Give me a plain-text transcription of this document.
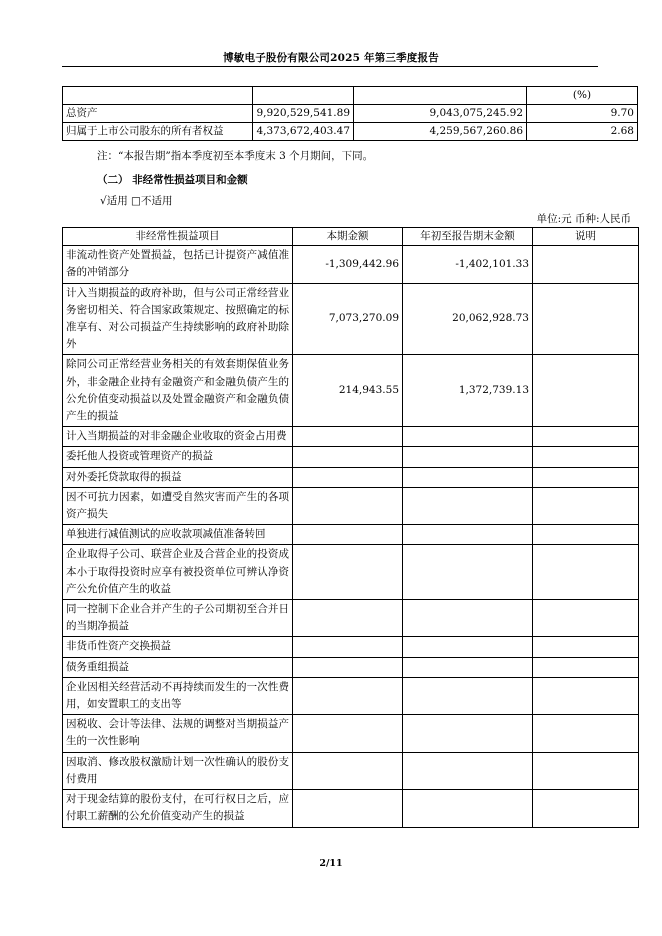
博敏电子股份有限公司2025 年第三季度报告
			(%)
总资产	9,920,529,541.89	9,043,075,245.92	9.70
归属于上市公司股东的所有者权益	4,373,672,403.47	4,259,567,260.86	2.68
注：“本报告期”指本季度初至本季度末 3 个月期间，下同。
（二） 非经常性损益项目和金额
√适用 □不适用
单位:元 币种:人民币
非经常性损益项目	本期金额	年初至报告期末金额	说明
非流动性资产处置损益，包括已计提资产减值准备的冲销部分	-1,309,442.96	-1,402,101.33	
计入当期损益的政府补助，但与公司正常经营业务密切相关、符合国家政策规定、按照确定的标准享有、对公司损益产生持续影响的政府补助除外	7,073,270.09	20,062,928.73	
除同公司正常经营业务相关的有效套期保值业务外，非金融企业持有金融资产和金融负债产生的公允价值变动损益以及处置金融资产和金融负债产生的损益	214,943.55	1,372,739.13	
计入当期损益的对非金融企业收取的资金占用费			
委托他人投资或管理资产的损益			
对外委托贷款取得的损益			
因不可抗力因素，如遭受自然灾害而产生的各项资产损失			
单独进行减值测试的应收款项减值准备转回			
企业取得子公司、联营企业及合营企业的投资成本小于取得投资时应享有被投资单位可辨认净资产公允价值产生的收益			
同一控制下企业合并产生的子公司期初至合并日的当期净损益			
非货币性资产交换损益			
债务重组损益			
企业因相关经营活动不再持续而发生的一次性费用，如安置职工的支出等			
因税收、会计等法律、法规的调整对当期损益产生的一次性影响			
因取消、修改股权激励计划一次性确认的股份支付费用			
对于现金结算的股份支付，在可行权日之后，应付职工薪酬的公允价值变动产生的损益			
2/11
